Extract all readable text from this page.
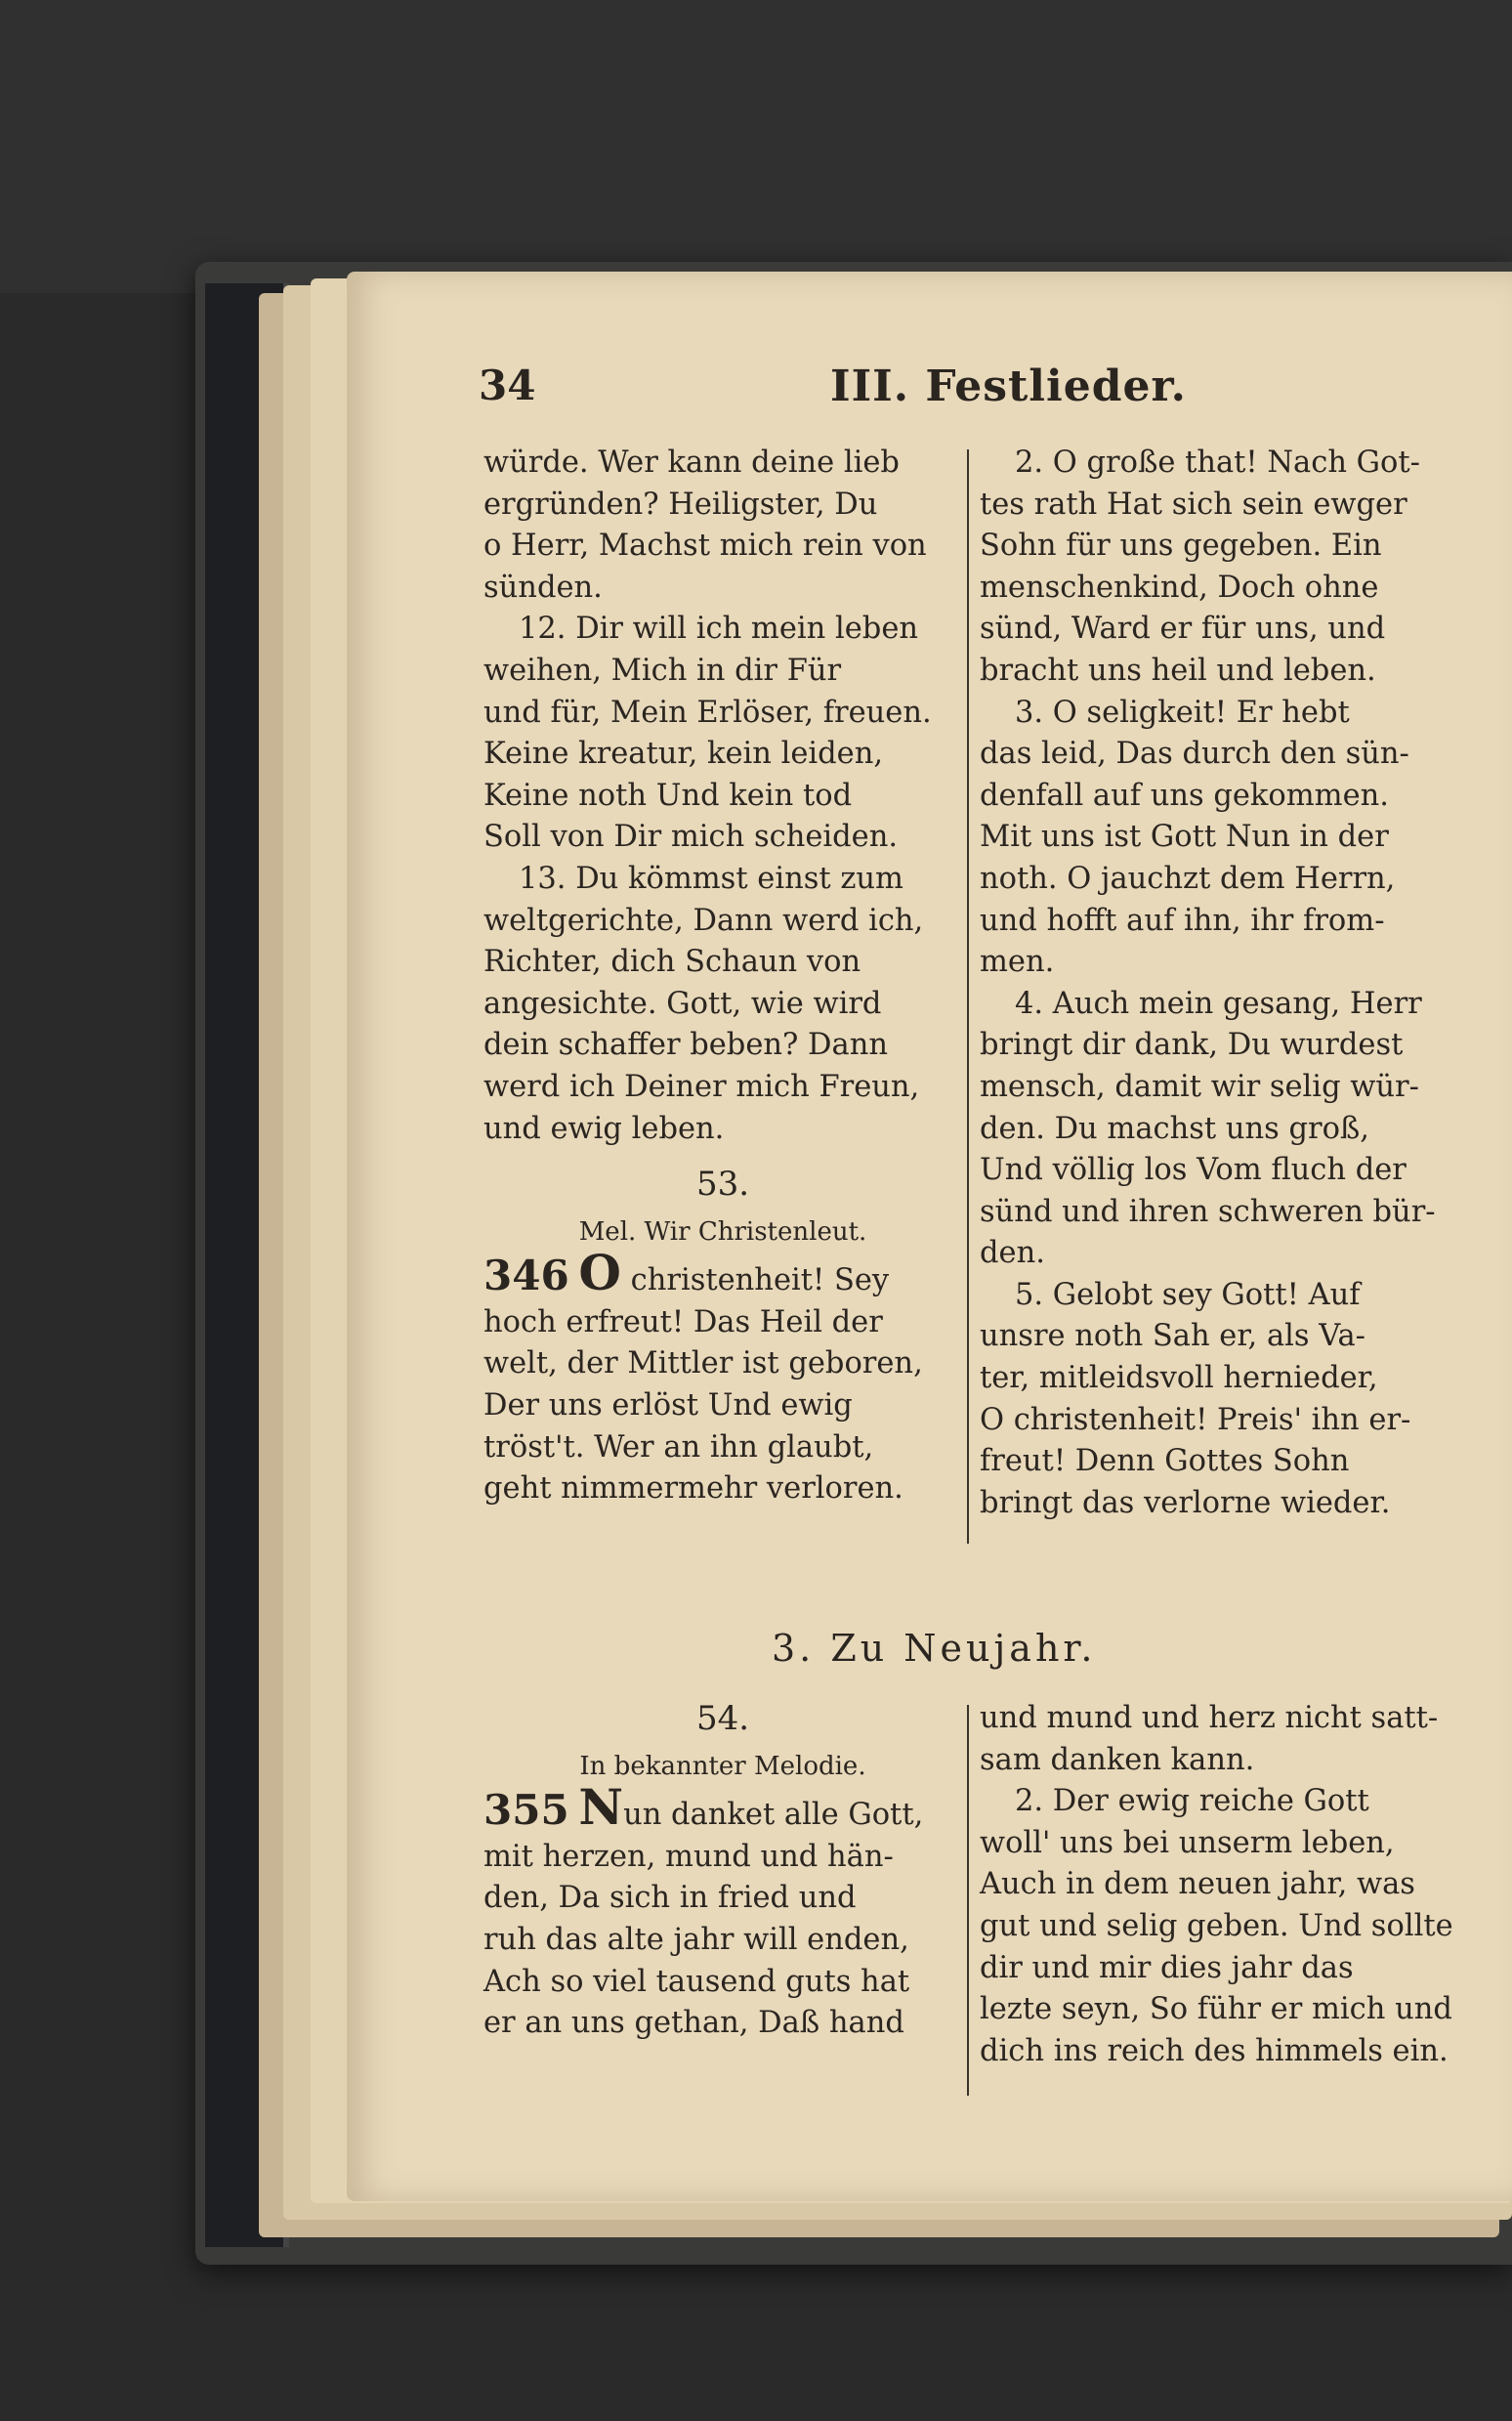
34	III. Festlieder.

würde. Wer kann deine lieb

ergründen? Heiligster, Du

o Herr, Machst mich rein von

sünden.

12. Dir will ich mein leben

weihen, Mich in dir Für

und für, Mein Erlöser, freuen.

Keine kreatur, kein leiden,

Keine noth Und kein tod

Soll von Dir mich scheiden.

13. Du kömmst einst zum

weltgerichte, Dann werd ich,

Richter, dich Schaun von

angesichte. Gott, wie wird

dein schaffer beben? Dann

werd ich Deiner mich Freun,

und ewig leben.

53.

Mel. Wir Christenleut.

346 O christenheit! Sey

hoch erfreut! Das Heil der

welt, der Mittler ist geboren,

Der uns erlöst Und ewig

tröst't. Wer an ihn glaubt,

geht nimmermehr verloren.

2. O große that! Nach Got-

tes rath Hat sich sein ewger

Sohn für uns gegeben. Ein

menschenkind, Doch ohne

sünd, Ward er für uns, und

bracht uns heil und leben.

3. O seligkeit! Er hebt

das leid, Das durch den sün-

denfall auf uns gekommen.

Mit uns ist Gott Nun in der

noth. O jauchzt dem Herrn,

und hofft auf ihn, ihr from-

men.

4. Auch mein gesang, Herr

bringt dir dank, Du wurdest

mensch, damit wir selig wür-

den. Du machst uns groß,

Und völlig los Vom fluch der

sünd und ihren schweren bür-

den.

5. Gelobt sey Gott! Auf

unsre noth Sah er, als Va-

ter, mitleidsvoll hernieder,

O christenheit! Preis' ihn er-

freut! Denn Gottes Sohn

bringt das verlorne wieder.

3. Zu Neujahr.

54.

In bekannter Melodie.

355 Nun danket alle Gott,

mit herzen, mund und hän-

den, Da sich in fried und

ruh das alte jahr will enden,

Ach so viel tausend guts hat

er an uns gethan, Daß hand

und mund und herz nicht satt-

sam danken kann.

2. Der ewig reiche Gott

woll' uns bei unserm leben,

Auch in dem neuen jahr, was

gut und selig geben. Und sollte

dir und mir dies jahr das

lezte seyn, So führ er mich und

dich ins reich des himmels ein.
